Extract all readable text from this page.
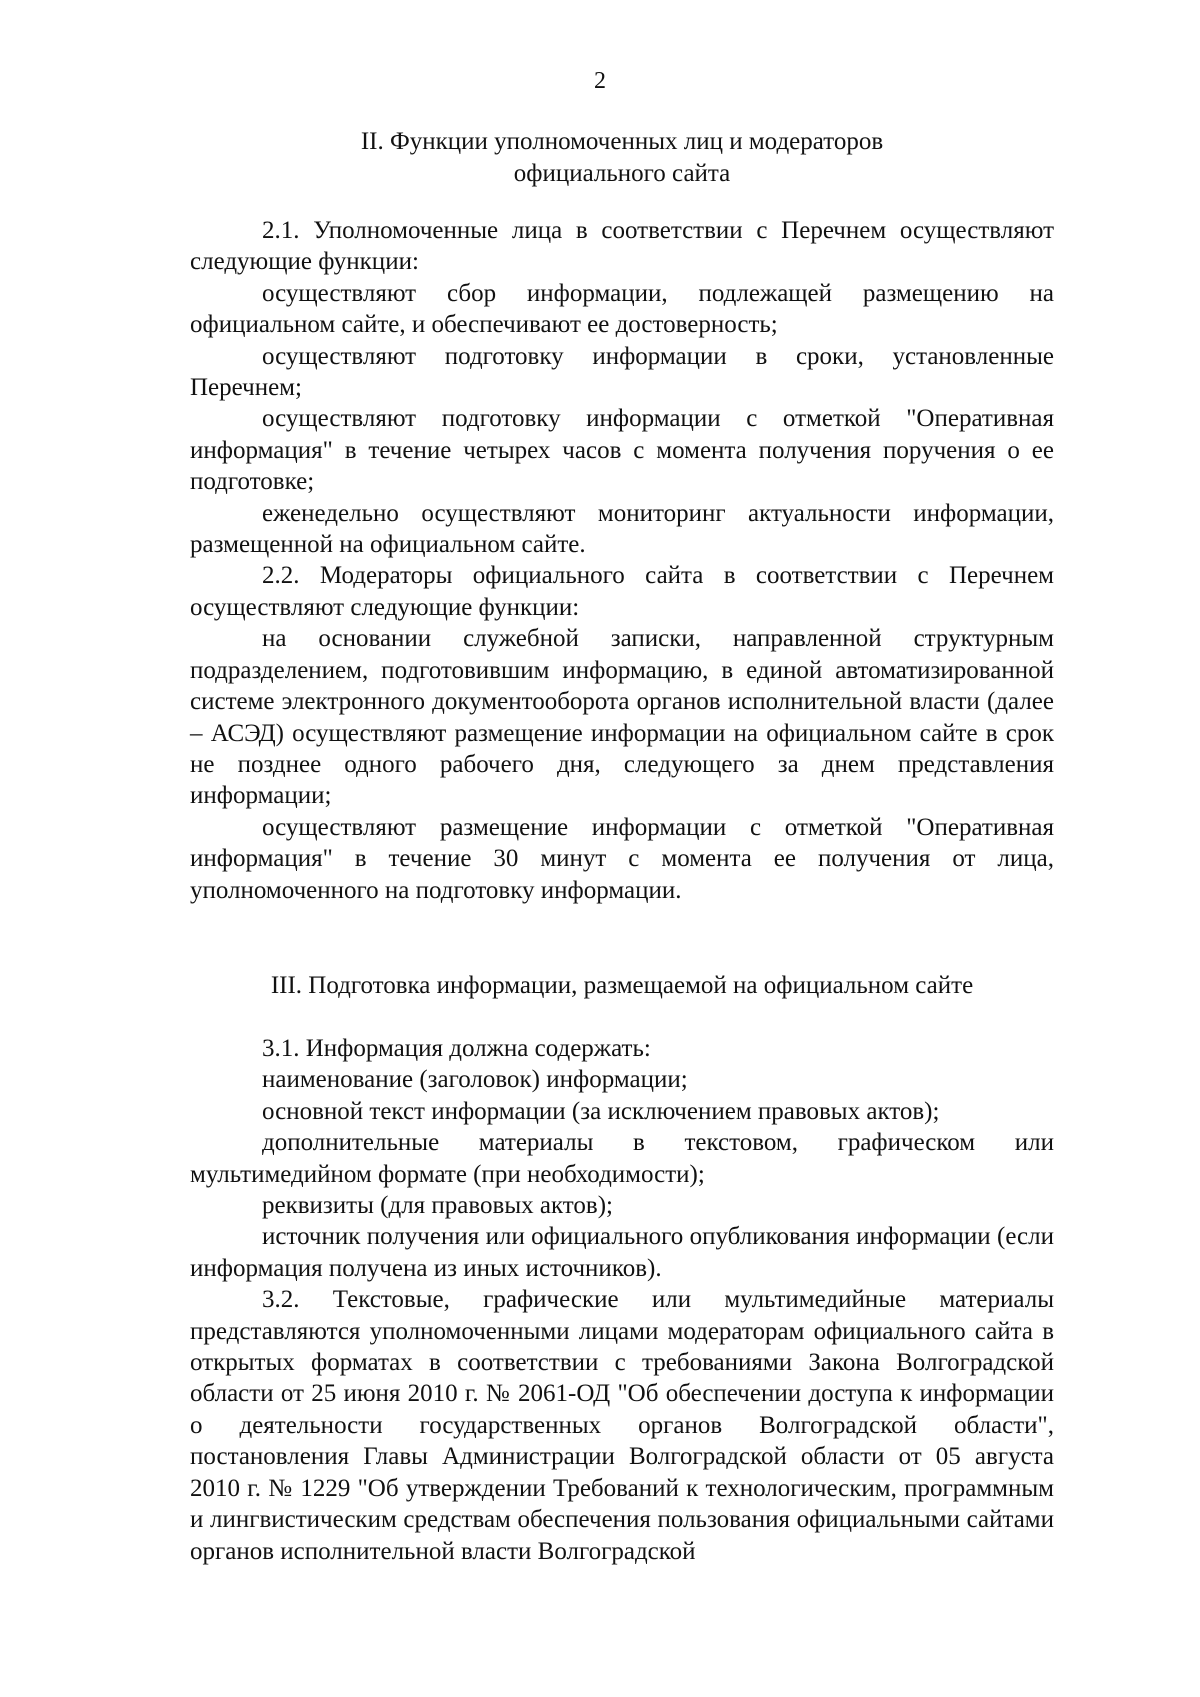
2
II. Функции уполномоченных лиц и модераторов
официального сайта

2.1. Уполномоченные лица в соответствии с Перечнем осуществляют следующие функции:

осуществляют сбор информации, подлежащей размещению на официальном сайте, и обеспечивают ее достоверность;

осуществляют подготовку информации в сроки, установленные Перечнем;

осуществляют подготовку информации с отметкой "Оперативная информация" в течение четырех часов с момента получения поручения о ее подготовке;

еженедельно осуществляют мониторинг актуальности информации, размещенной на официальном сайте.

2.2. Модераторы официального сайта в соответствии с Перечнем осуществляют следующие функции:

на основании служебной записки, направленной структурным подразделением, подготовившим информацию, в единой автоматизированной системе электронного документооборота органов исполнительной власти (далее – АСЭД) осуществляют размещение информации на официальном сайте в срок не позднее одного рабочего дня, следующего за днем представления информации;

осуществляют размещение информации с отметкой "Оперативная информация" в течение 30 минут с момента ее получения от лица, уполномоченного на подготовку информации.

III. Подготовка информации, размещаемой на официальном сайте

3.1. Информация должна содержать:

наименование (заголовок) информации;

основной текст информации (за исключением правовых актов);

дополнительные материалы в текстовом, графическом или мультимедийном формате (при необходимости);

реквизиты (для правовых актов);

источник получения или официального опубликования информации (если информация получена из иных источников).

3.2. Текстовые, графические или мультимедийные материалы представляются уполномоченными лицами модераторам официального сайта в открытых форматах в соответствии с требованиями Закона Волгоградской области от 25 июня 2010 г. № 2061-ОД "Об обеспечении доступа к информации о деятельности государственных органов Волгоградской области", постановления Главы Администрации Волгоградской области от 05 августа 2010 г. № 1229 "Об утверждении Требований к технологическим, программным и лингвистическим средствам обеспечения пользования официальными сайтами органов исполнительной власти Волгоградской
